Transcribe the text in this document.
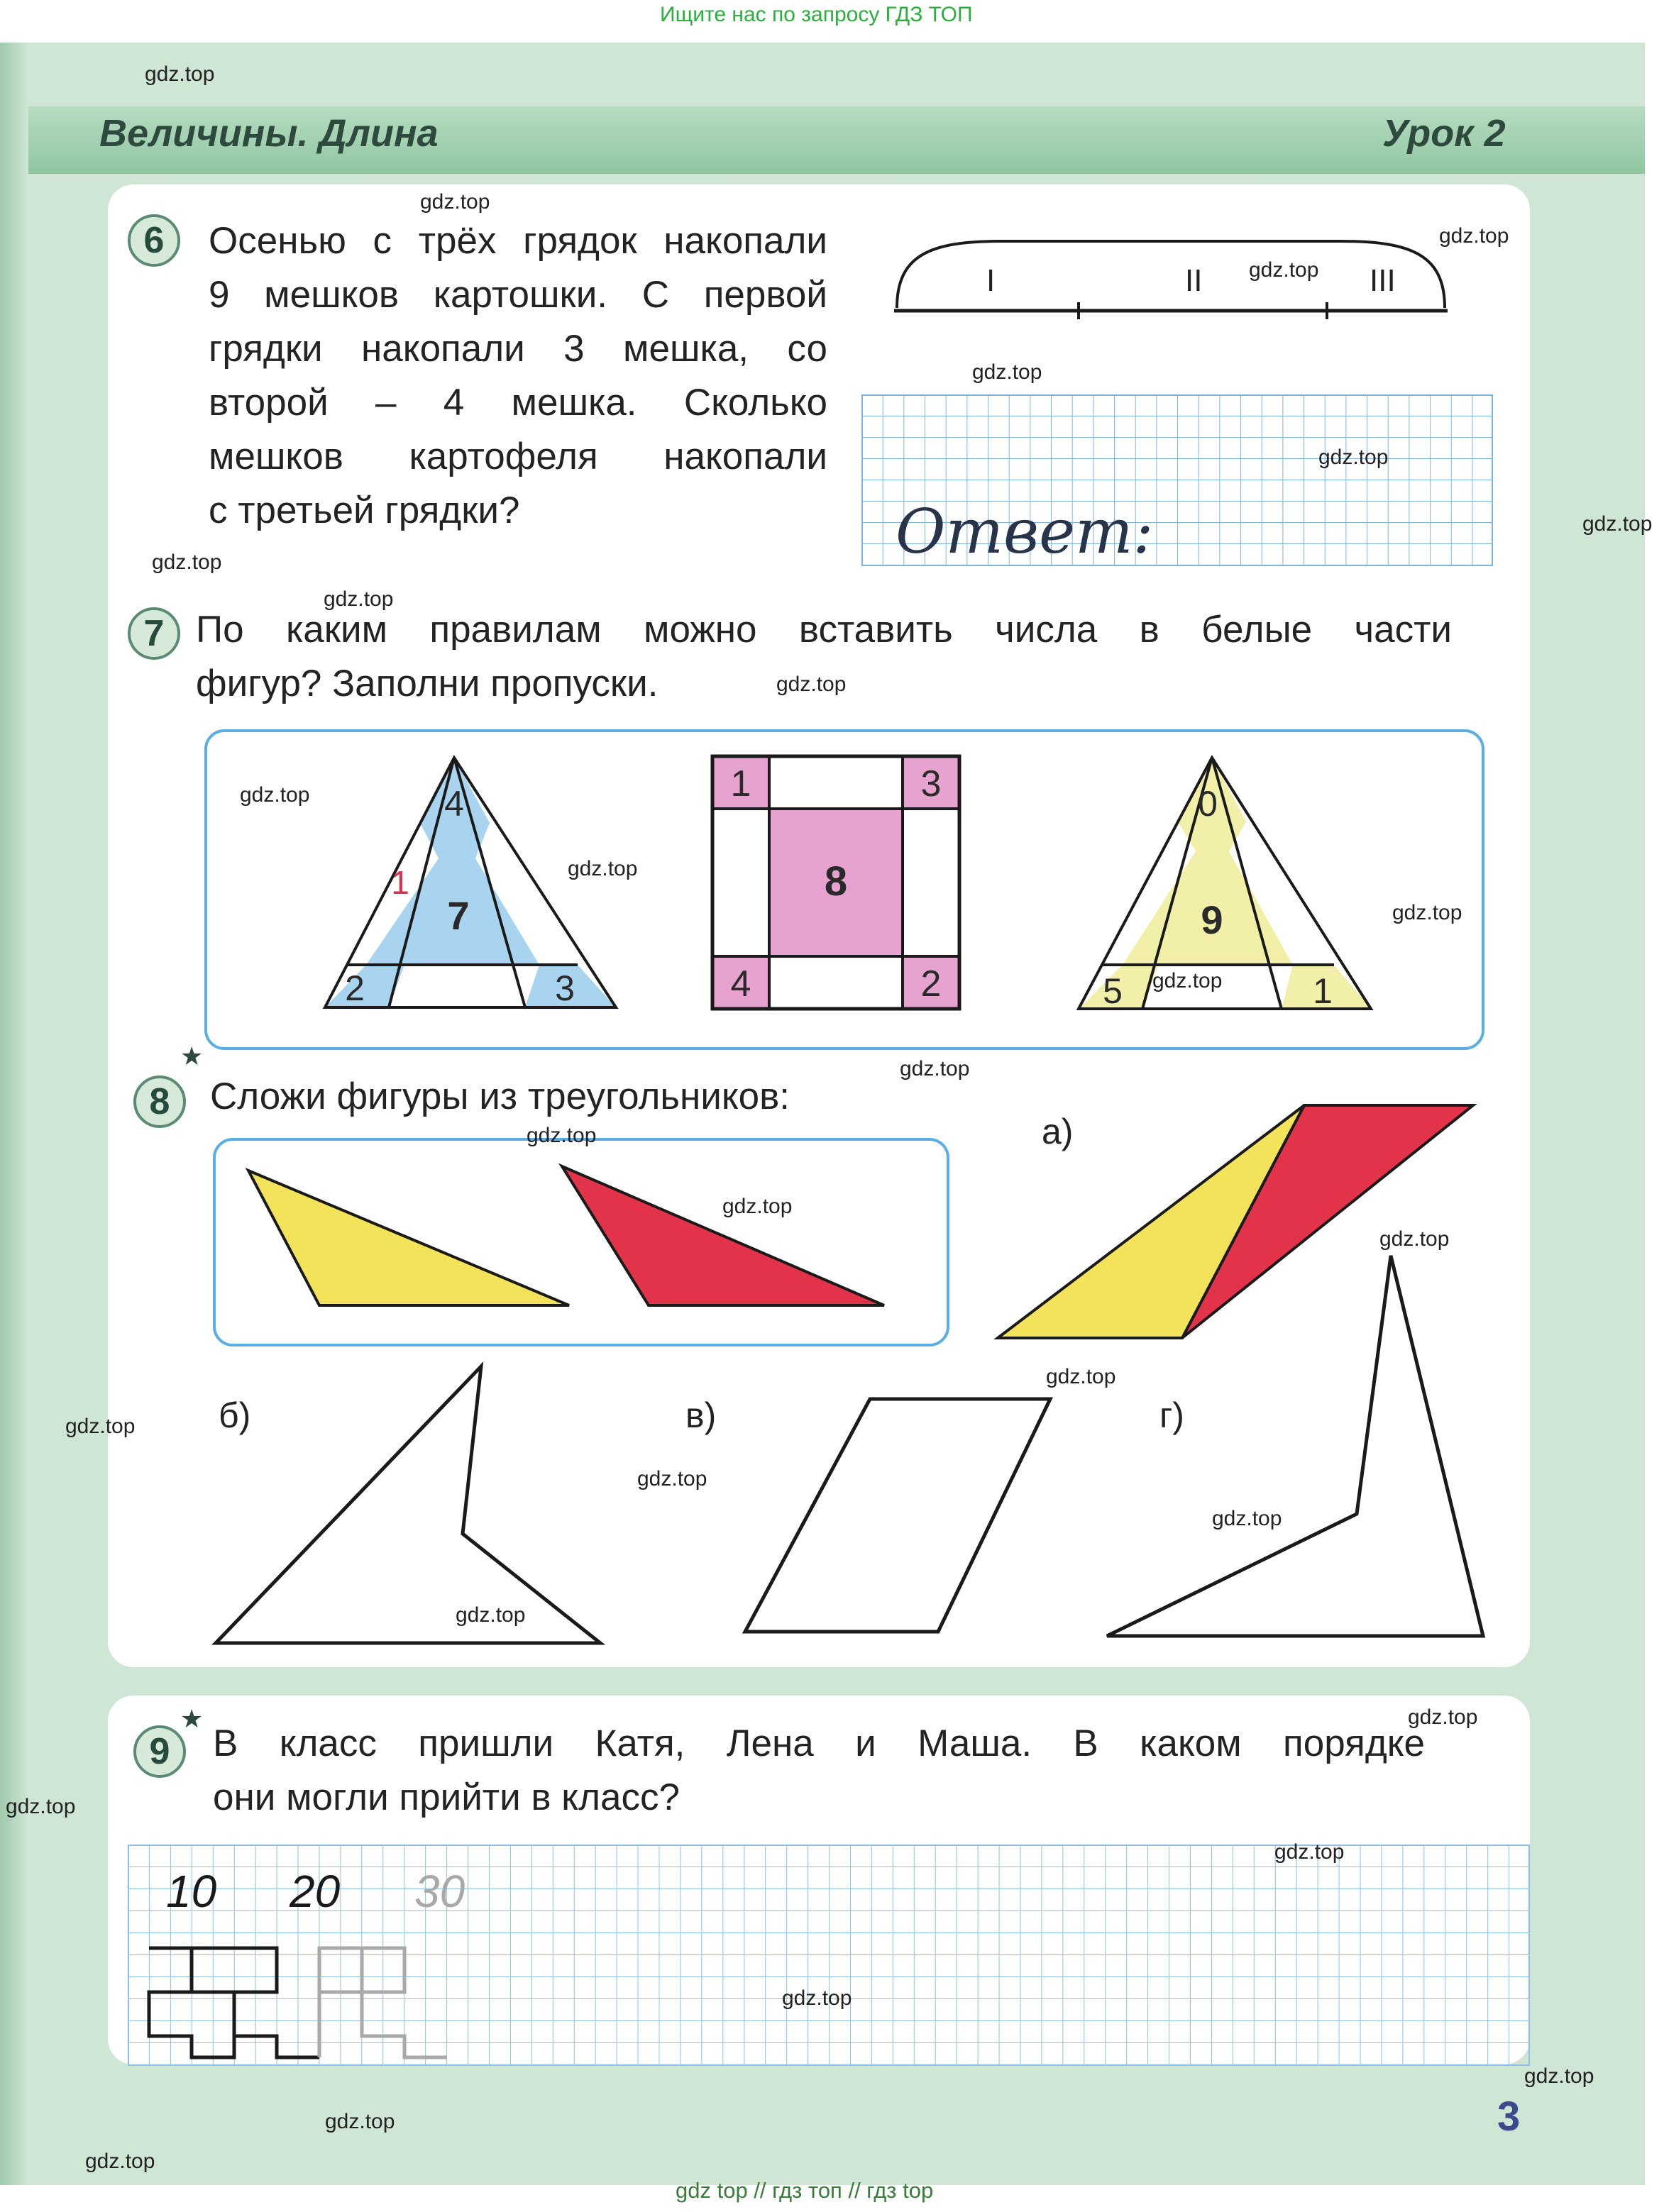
Ищите нас по запросу ГДЗ ТОП
Величины. Длина	Урок 2
6	Осенью с трёх грядок накопали
9 мешков картошки. С первой
грядки накопали 3 мешка, со
второй – 4 мешка. Сколько
мешков картофеля накопали
с третьей грядки?
I	II	III
Ответ:
7 По каким правилам можно вставить числа в белые части
фигур? Заполни пропуски.
4
7
2	3
1
1	3
8
4	2
0
9
5	1
★
8	Сложи фигуры из треугольников:
а)
б)	в)	г)
★
9	В класс пришли Катя, Лена и Маша. В каком порядке
они могли прийти в класс?
10 20 30
3
gdz top // гдз топ // гдз top
gdz.top
gdz.top
gdz.top
gdz.top
gdz.top
gdz.top
gdz.top
gdz.top
gdz.top
gdz.top
gdz.top
gdz.top
gdz.top
gdz.top
gdz.top
gdz.top
gdz.top
gdz.top
gdz.top
gdz.top
gdz.top
gdz.top
gdz.top
gdz.top
gdz.top
gdz.top
gdz.top
gdz.top
gdz.top
gdz.top
